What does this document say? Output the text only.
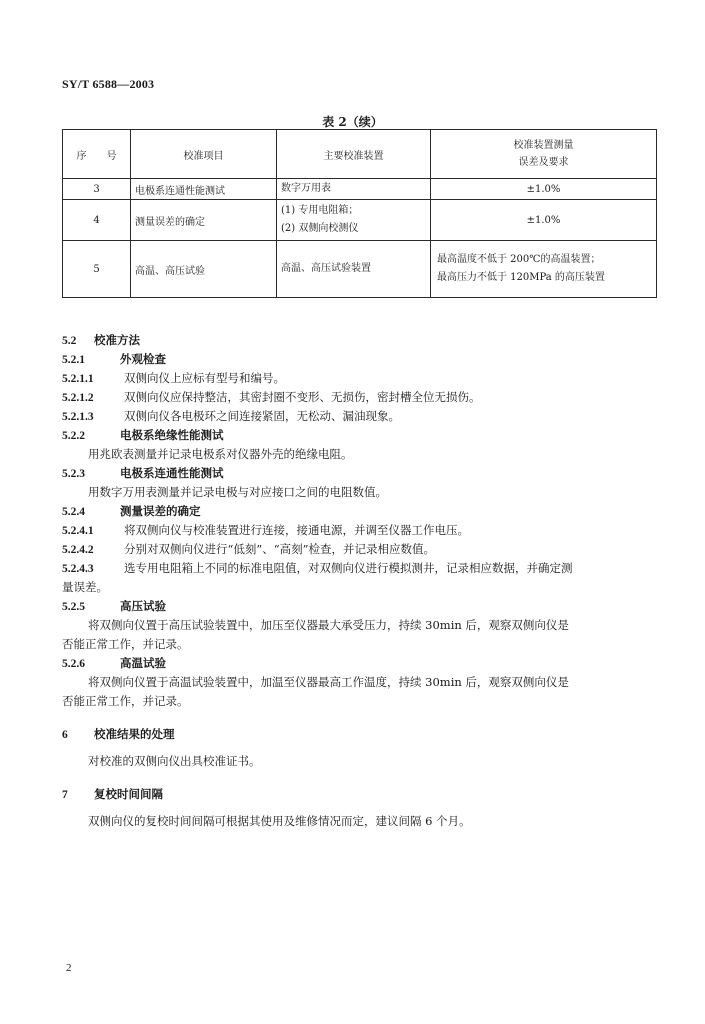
SY/T 6588—2003
表 2（续）
序　　号	校准项目	主要校准装置	校准装置测量
误差及要求

3	电极系连通性能测试	数字万用表	±1.0%
4	测量误差的确定	(1) 专用电阻箱；
(2) 双侧向校测仪	±1.0%
5	高温、高压试验	高温、高压试验装置	最高温度不低于 200℃的高温装置；
最高压力不低于 120MPa 的高压装置
5.2 校准方法
5.2.1	外观检查
5.2.1.1	双侧向仪上应标有型号和编号。
5.2.1.2	双侧向仪应保持整洁，其密封圈不变形、无损伤，密封槽全位无损伤。
5.2.1.3	双侧向仪各电极环之间连接紧固，无松动、漏油现象。
5.2.2	电极系绝缘性能测试
用兆欧表测量并记录电极系对仪器外壳的绝缘电阻。
5.2.3	电极系连通性能测试
用数字万用表测量并记录电极与对应接口之间的电阻数值。
5.2.4	测量误差的确定
5.2.4.1	将双侧向仪与校准装置进行连接，接通电源，并调至仪器工作电压。
5.2.4.2	分别对双侧向仪进行“低刻”、“高刻”检查，并记录相应数值。
5.2.4.3	选专用电阻箱上不同的标准电阻值，对双侧向仪进行模拟测井，记录相应数据，并确定测
量误差。
5.2.5	高压试验
将双侧向仪置于高压试验装置中，加压至仪器最大承受压力，持续 30min 后，观察双侧向仪是
否能正常工作，并记录。
5.2.6	高温试验
将双侧向仪置于高温试验装置中，加温至仪器最高工作温度，持续 30min 后，观察双侧向仪是
否能正常工作，并记录。
6 校准结果的处理
对校准的双侧向仪出具校准证书。
7 复校时间间隔
双侧向仪的复校时间间隔可根据其使用及维修情况而定，建议间隔 6 个月。
2
